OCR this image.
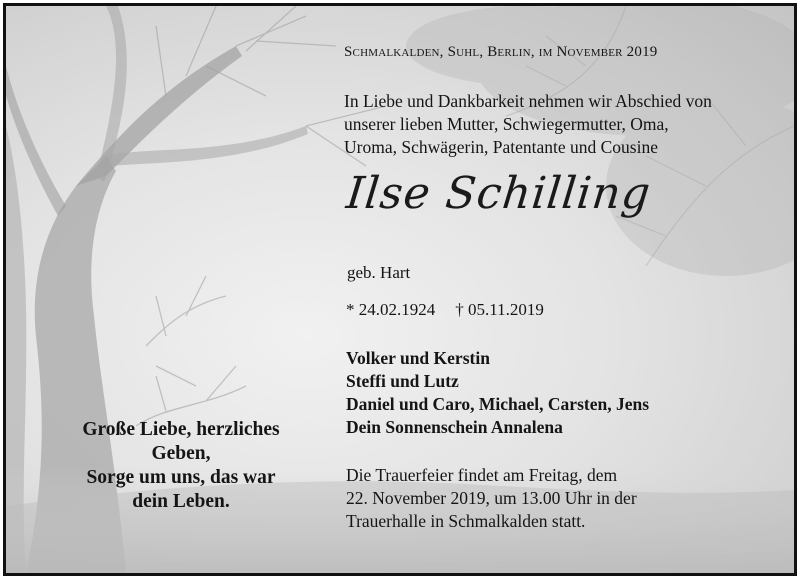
Schmalkalden, Suhl, Berlin, im November 2019
In Liebe und Dankbarkeit nehmen wir Abschied von
unserer lieben Mutter, Schwiegermutter, Oma,
Uroma, Schwägerin, Patentante und Cousine
Ilse Schilling
geb. Hart
* 24.02.1924 † 05.11.2019
Volker und Kerstin
Steffi und Lutz
Daniel und Caro, Michael, Carsten, Jens
Dein Sonnenschein Annalena
Die Trauerfeier findet am Freitag, dem
22. November 2019, um 13.00 Uhr in der
Trauerhalle in Schmalkalden statt.
Große Liebe, herzliches
Geben,
Sorge um uns, das war
dein Leben.
